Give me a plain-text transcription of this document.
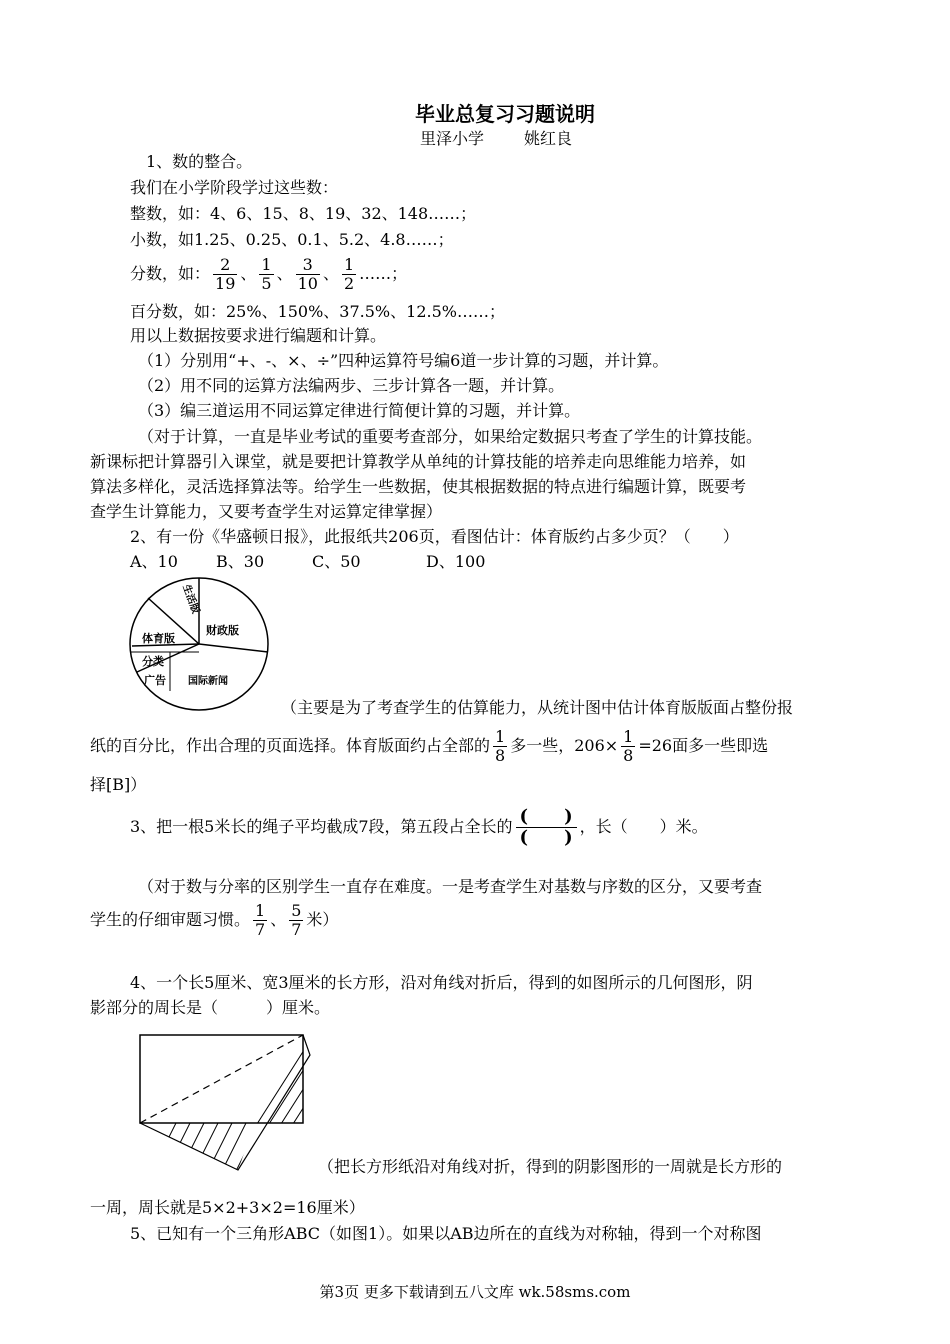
毕业总复习习题说明
里泽小学	姚红良
1、数的整合。
我们在小学阶段学过这些数：
整数，如：4、6、15、8、19、32、148……；
小数，如1.25、0.25、0.1、5.2、4.8……；
分数，如： $\frac{2}{19}$ 、 $\frac{1}{5}$ 、 $\frac{3}{10}$ 、 $\frac{1}{2}$ ……；
百分数，如：25%、150%、37.5%、12.5%……；
用以上数据按要求进行编题和计算。
（1）分别用“+、-、×、÷”四种运算符号编6道一步计算的习题，并计算。
（2）用不同的运算方法编两步、三步计算各一题，并计算。
（3）编三道运用不同运算定律进行简便计算的习题，并计算。
（对于计算，一直是毕业考试的重要考查部分，如果给定数据只考查了学生的计算技能。
新课标把计算器引入课堂，就是要把计算教学从单纯的计算技能的培养走向思维能力培养，如
算法多样化，灵活选择算法等。给学生一些数据，使其根据数据的特点进行编题计算，既要考
查学生计算能力，又要考查学生对运算定律掌握）
2、有一份《华盛顿日报》，此报纸共206页，看图估计：体育版约占多少页？（　　）
A、10 B、30	C、50	D、100
生活版
财政版
体育版
分类
广告 国际新闻
（主要是为了考查学生的估算能力，从统计图中估计体育版版面占整份报
纸的百分比，作出合理的页面选择。体育版面约占全部的 $\frac{1}{8}$ 多一些，$206\times \frac{1}{8} =26$面多一些即选
择[B]）
3、把一根5米长的绳子平均截成7段，第五段占全长的 $\frac{( )}{( )}$ ，长（　　）米。
（对于数与分率的区别学生一直存在难度。一是考查学生对基数与序数的区分，又要考查
学生的仔细审题习惯。 $\frac{1}{7}$ 、 $\frac{5}{7}$ 米）
4、一个长5厘米、宽3厘米的长方形，沿对角线对折后，得到的如图所示的几何图形，阴
影部分的周长是（　　　）厘米。
（把长方形纸沿对角线对折，得到的阴影图形的一周就是长方形的
一周，周长就是5×2+3×2=16厘米）
5、已知有一个三角形ABC（如图1）。如果以AB边所在的直线为对称轴，得到一个对称图
第3页 更多下载请到五八文库 wk.58sms.com
